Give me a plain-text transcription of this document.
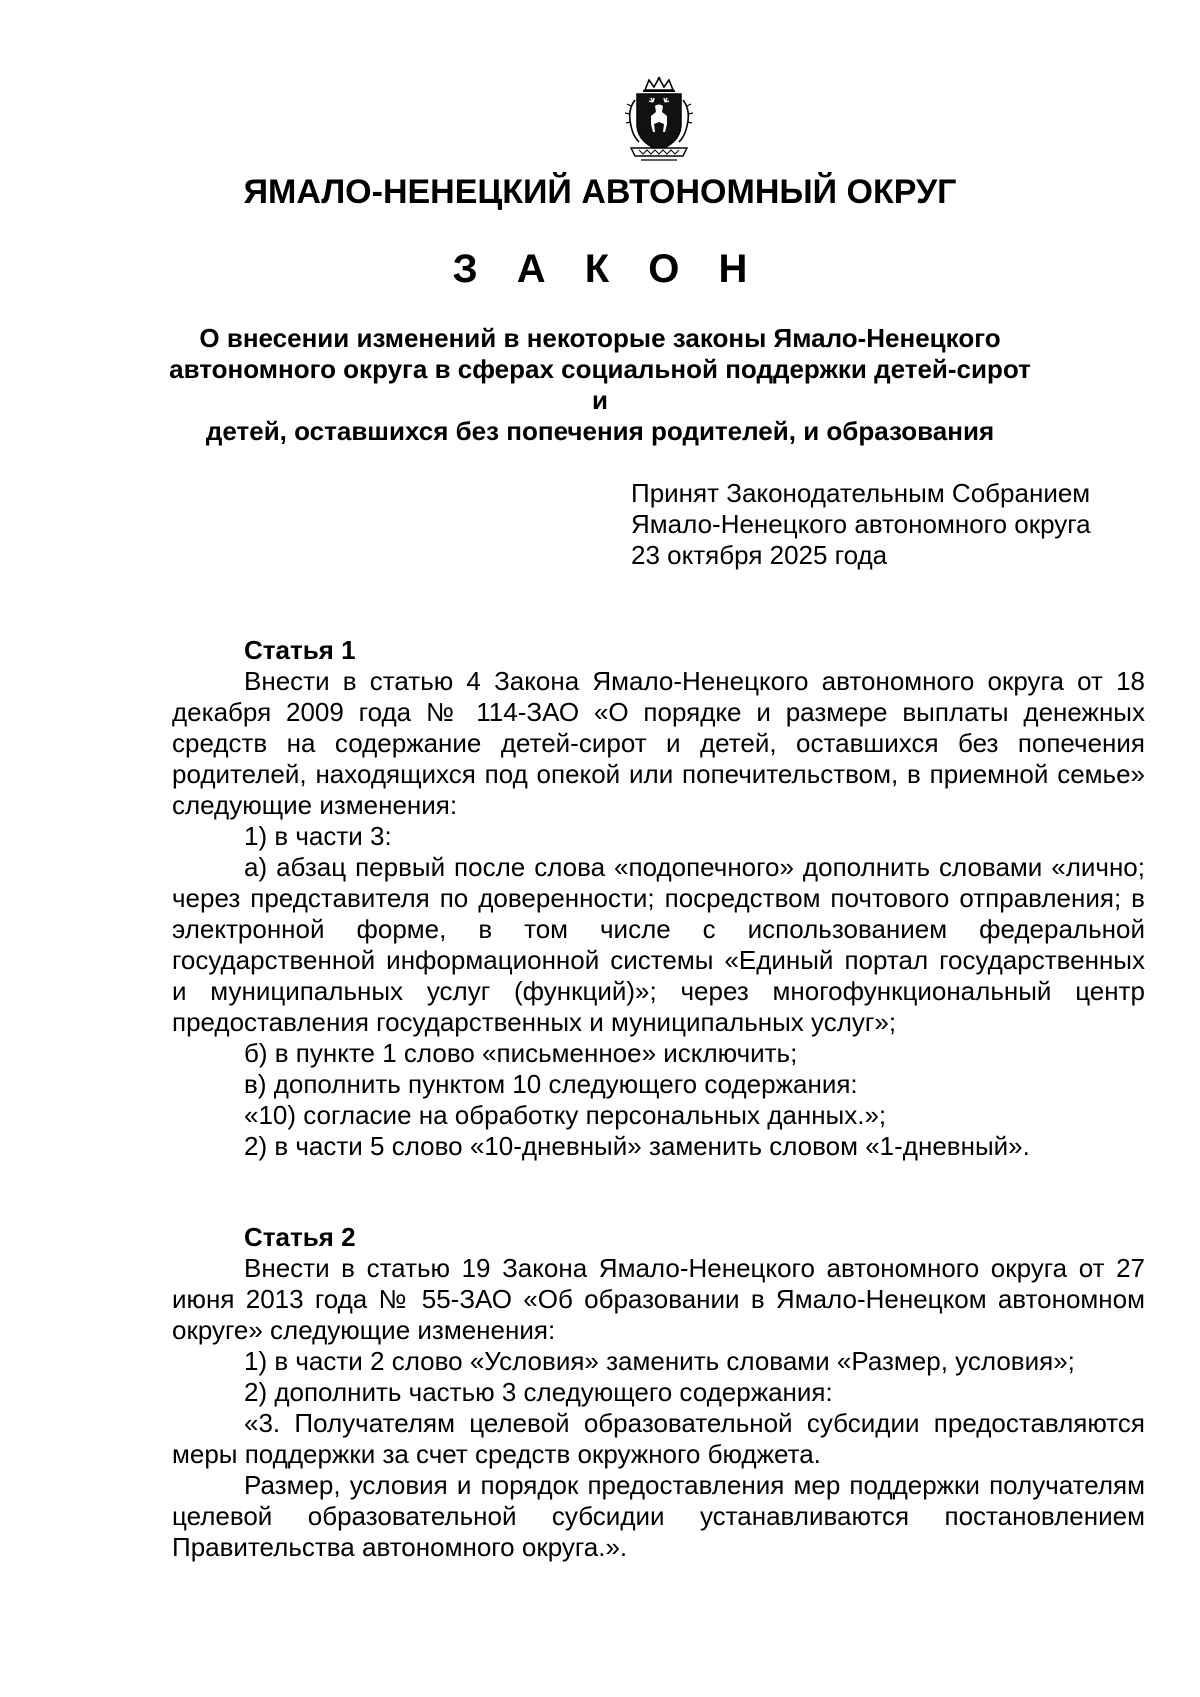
ЯМАЛО-НЕНЕЦКИЙ АВТОНОМНЫЙ ОКРУГ
З А К О Н
О внесении изменений в некоторые законы Ямало-Ненецкого
автономного округа в сферах социальной поддержки детей-сирот и
детей, оставшихся без попечения родителей, и образования
Принят Законодательным Собранием
Ямало-Ненецкого автономного округа
23 октября 2025 года
Статья 1

Внести в статью 4 Закона Ямало-Ненецкого автономного округа от 18 декабря 2009 года № 114-ЗАО «О порядке и размере выплаты денежных средств на содержание детей-сирот и детей, оставшихся без попечения родителей, находящихся под опекой или попечительством, в приемной семье» следующие изменения:

1) в части 3:

а) абзац первый после слова «подопечного» дополнить словами «лично; через представителя по доверенности; посредством почтового отправления; в электронной форме, в том числе с использованием федеральной государственной информационной системы «Единый портал государственных и муниципальных услуг (функций)»; через многофункциональный центр предоставления государственных и муниципальных услуг»;

б) в пункте 1 слово «письменное» исключить;

в) дополнить пунктом 10 следующего содержания:

«10) согласие на обработку персональных данных.»;

2) в части 5 слово «10-дневный» заменить словом «1-дневный».

Статья 2

Внести в статью 19 Закона Ямало-Ненецкого автономного округа от 27 июня 2013 года № 55-ЗАО «Об образовании в Ямало-Ненецком автономном округе» следующие изменения:

1) в части 2 слово «Условия» заменить словами «Размер, условия»;

2) дополнить частью 3 следующего содержания:

«3. Получателям целевой образовательной субсидии предоставляются меры поддержки за счет средств окружного бюджета.

Размер, условия и порядок предоставления мер поддержки получателям целевой образовательной субсидии устанавливаются постановлением Правительства автономного округа.».
